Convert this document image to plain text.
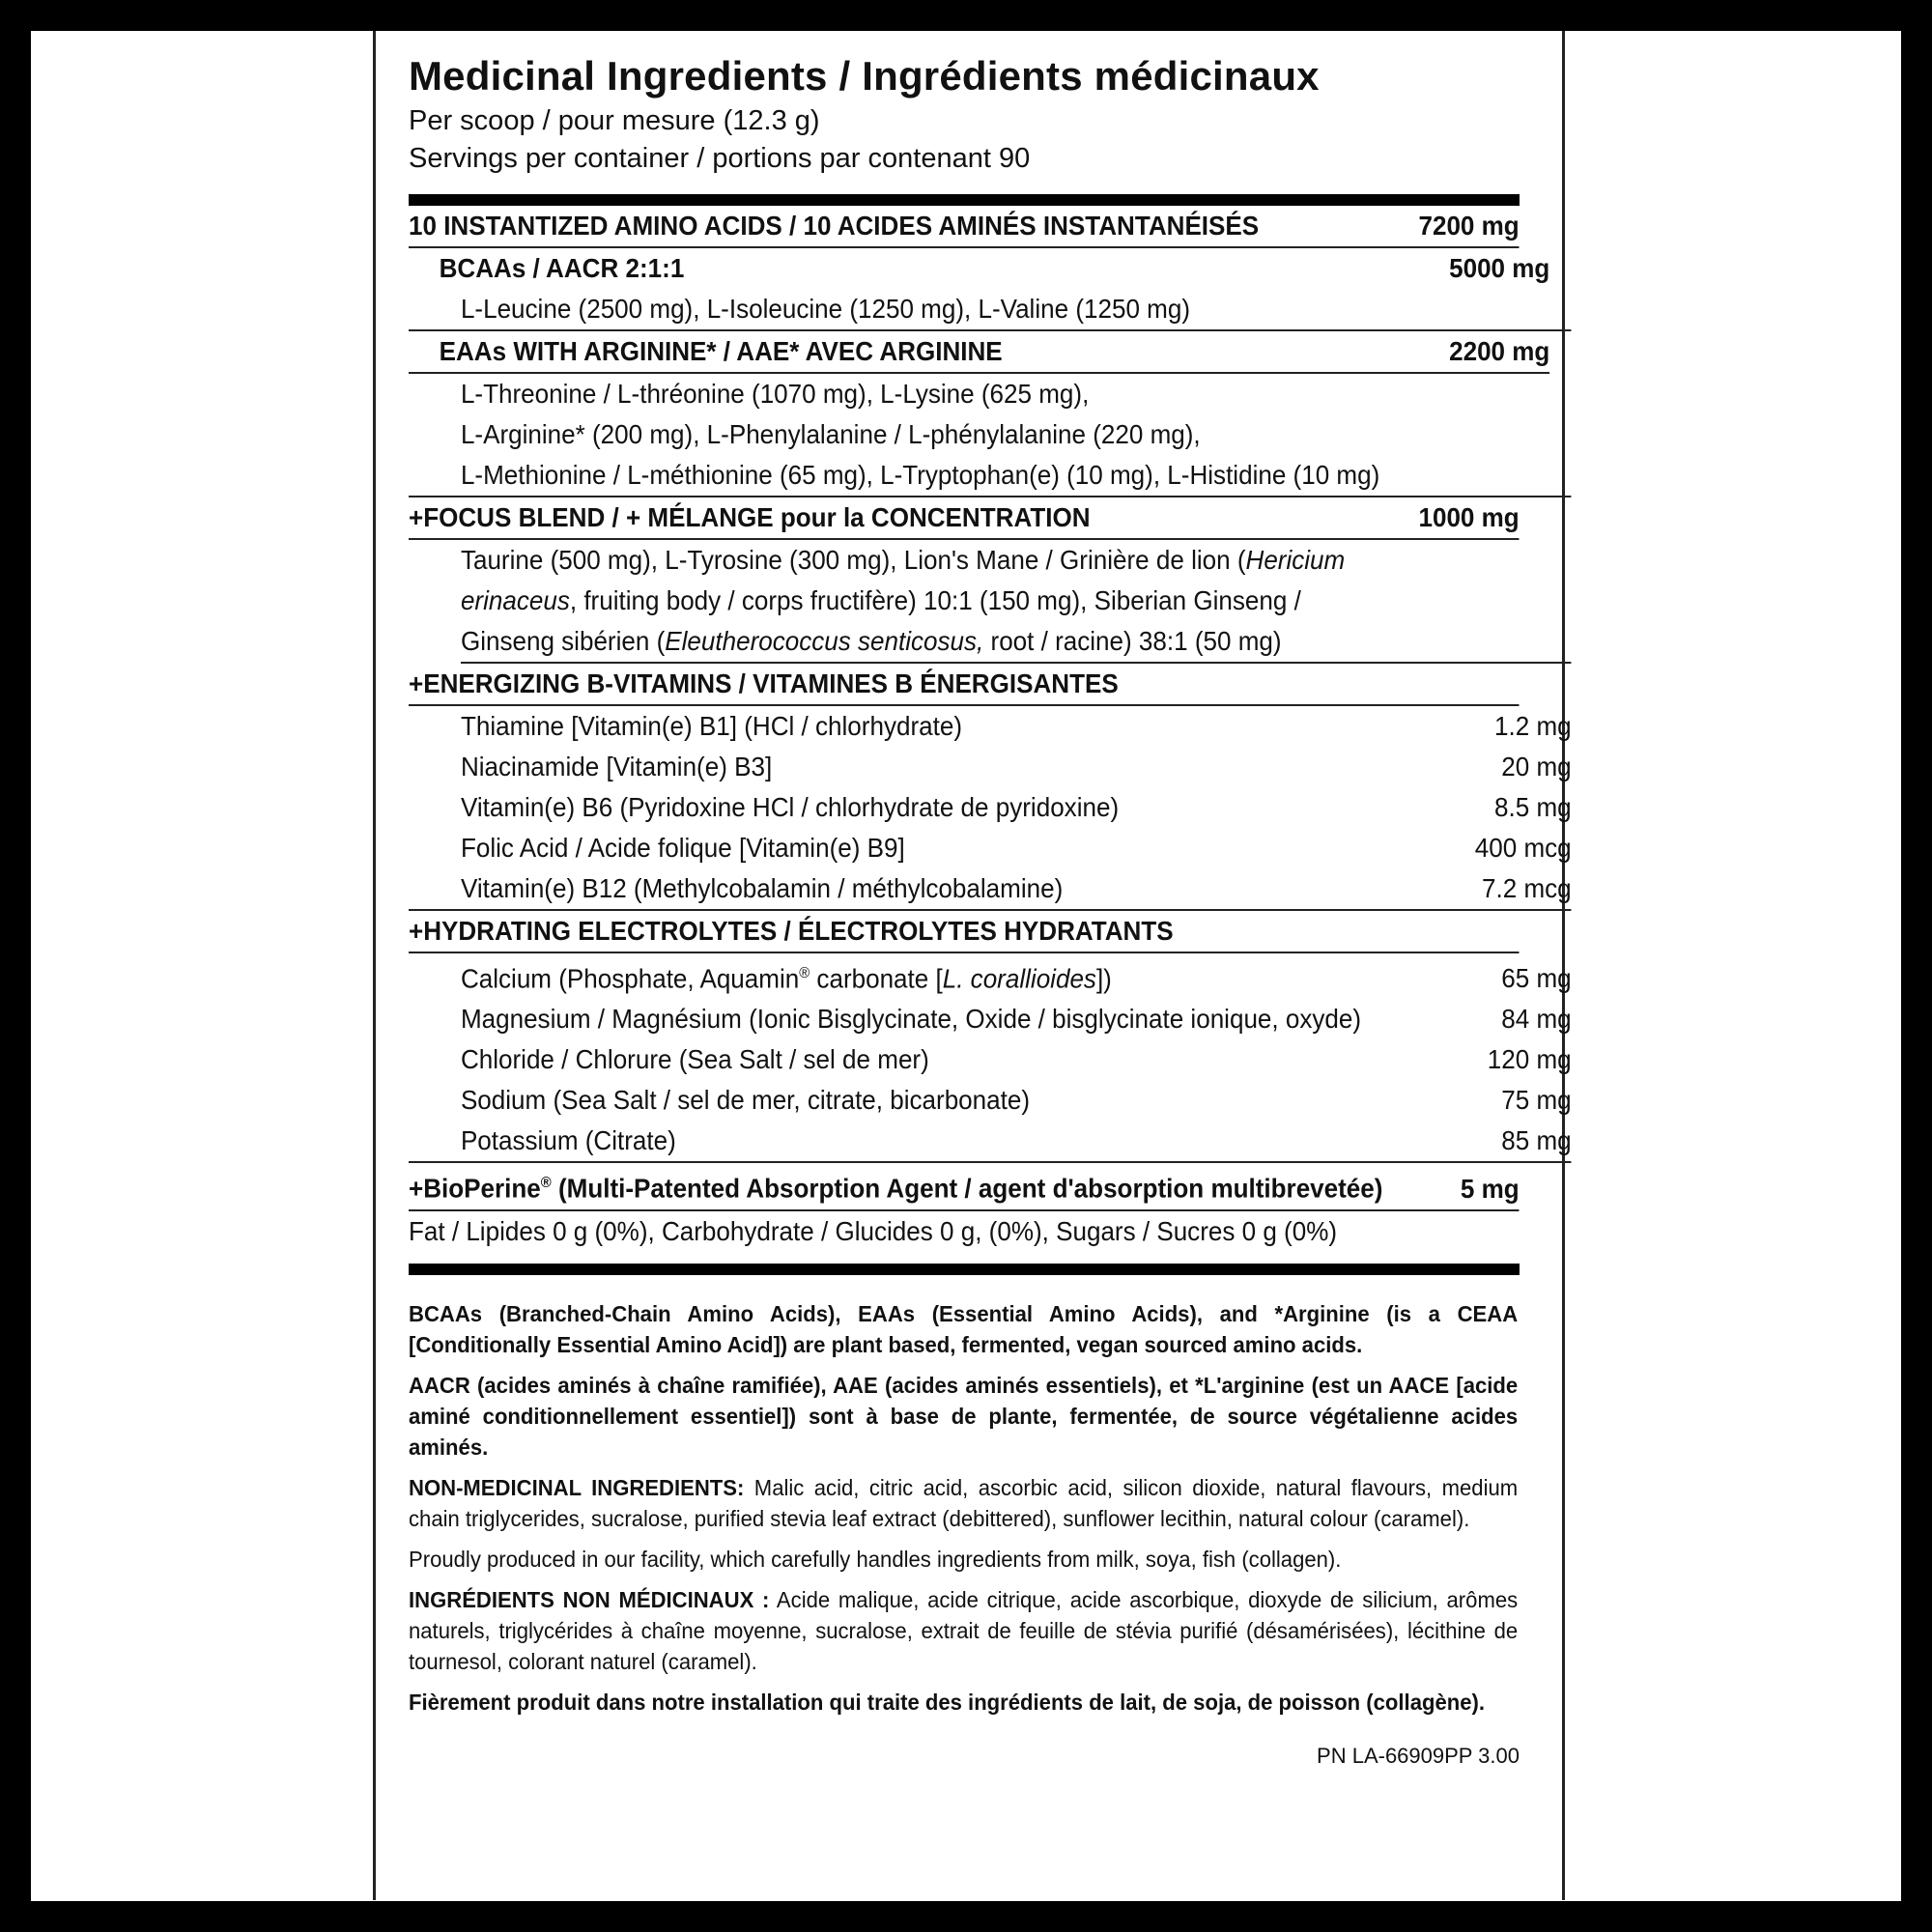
Medicinal Ingredients / Ingrédients médicinaux
Per scoop / pour mesure (12.3 g)
Servings per container / portions par contenant 90
10 INSTANTIZED AMINO ACIDS / 10 ACIDES AMINÉS INSTANTANÉISÉS	7200 mg
BCAAs / AACR 2:1:1	5000 mg
L-Leucine (2500 mg), L-Isoleucine (1250 mg), L-Valine (1250 mg)
EAAs WITH ARGININE* / AAE* AVEC ARGININE	2200 mg
L-Threonine / L-thréonine (1070 mg), L-Lysine (625 mg),
L-Arginine* (200 mg), L-Phenylalanine / L-phénylalanine (220 mg),
L-Methionine / L-méthionine (65 mg), L-Tryptophan(e) (10 mg), L-Histidine (10 mg)
+FOCUS BLEND / + MÉLANGE pour la CONCENTRATION	1000 mg
Taurine (500 mg), L-Tyrosine (300 mg), Lion's Mane / Grinière de lion (Hericium
erinaceus, fruiting body / corps fructifère) 10:1 (150 mg), Siberian Ginseng /
Ginseng sibérien (Eleutherococcus senticosus, root / racine) 38:1 (50 mg)
+ENERGIZING B-VITAMINS / VITAMINES B ÉNERGISANTES
Thiamine [Vitamin(e) B1] (HCl / chlorhydrate)	1.2 mg
Niacinamide [Vitamin(e) B3]	20 mg
Vitamin(e) B6 (Pyridoxine HCl / chlorhydrate de pyridoxine)	8.5 mg
Folic Acid / Acide folique [Vitamin(e) B9]	400 mcg
Vitamin(e) B12 (Methylcobalamin / méthylcobalamine)	7.2 mcg
+HYDRATING ELECTROLYTES / ÉLECTROLYTES HYDRATANTS
Calcium (Phosphate, Aquamin® carbonate [L. corallioides])	65 mg
Magnesium / Magnésium (Ionic Bisglycinate, Oxide / bisglycinate ionique, oxyde)	84 mg
Chloride / Chlorure (Sea Salt / sel de mer)	120 mg
Sodium (Sea Salt / sel de mer, citrate, bicarbonate)	75 mg
Potassium (Citrate)	85 mg
+BioPerine® (Multi-Patented Absorption Agent / agent d'absorption multibrevetée)	5 mg
Fat / Lipides 0 g (0%), Carbohydrate / Glucides 0 g, (0%), Sugars / Sucres 0 g (0%)

BCAAs (Branched-Chain Amino Acids), EAAs (Essential Amino Acids), and *Arginine (is a CEAA [Conditionally Essential Amino Acid]) are plant based, fermented, vegan sourced amino acids.

AACR (acides aminés à chaîne ramifiée), AAE (acides aminés essentiels), et *L'arginine (est un AACE [acide aminé conditionnellement essentiel]) sont à base de plante, fermentée, de source végétalienne acides aminés.

NON-MEDICINAL INGREDIENTS: Malic acid, citric acid, ascorbic acid, silicon dioxide, natural flavours, medium chain triglycerides, sucralose, purified stevia leaf extract (debittered), sunflower lecithin, natural colour (caramel).

Proudly produced in our facility, which carefully handles ingredients from milk, soya, fish (collagen).

INGRÉDIENTS NON MÉDICINAUX : Acide malique, acide citrique, acide ascorbique, dioxyde de silicium, arômes naturels, triglycérides à chaîne moyenne, sucralose, extrait de feuille de stévia purifié (désamérisées), lécithine de tournesol, colorant naturel (caramel).

Fièrement produit dans notre installation qui traite des ingrédients de lait, de soja, de poisson (collagène).

PN LA-66909PP 3.00
